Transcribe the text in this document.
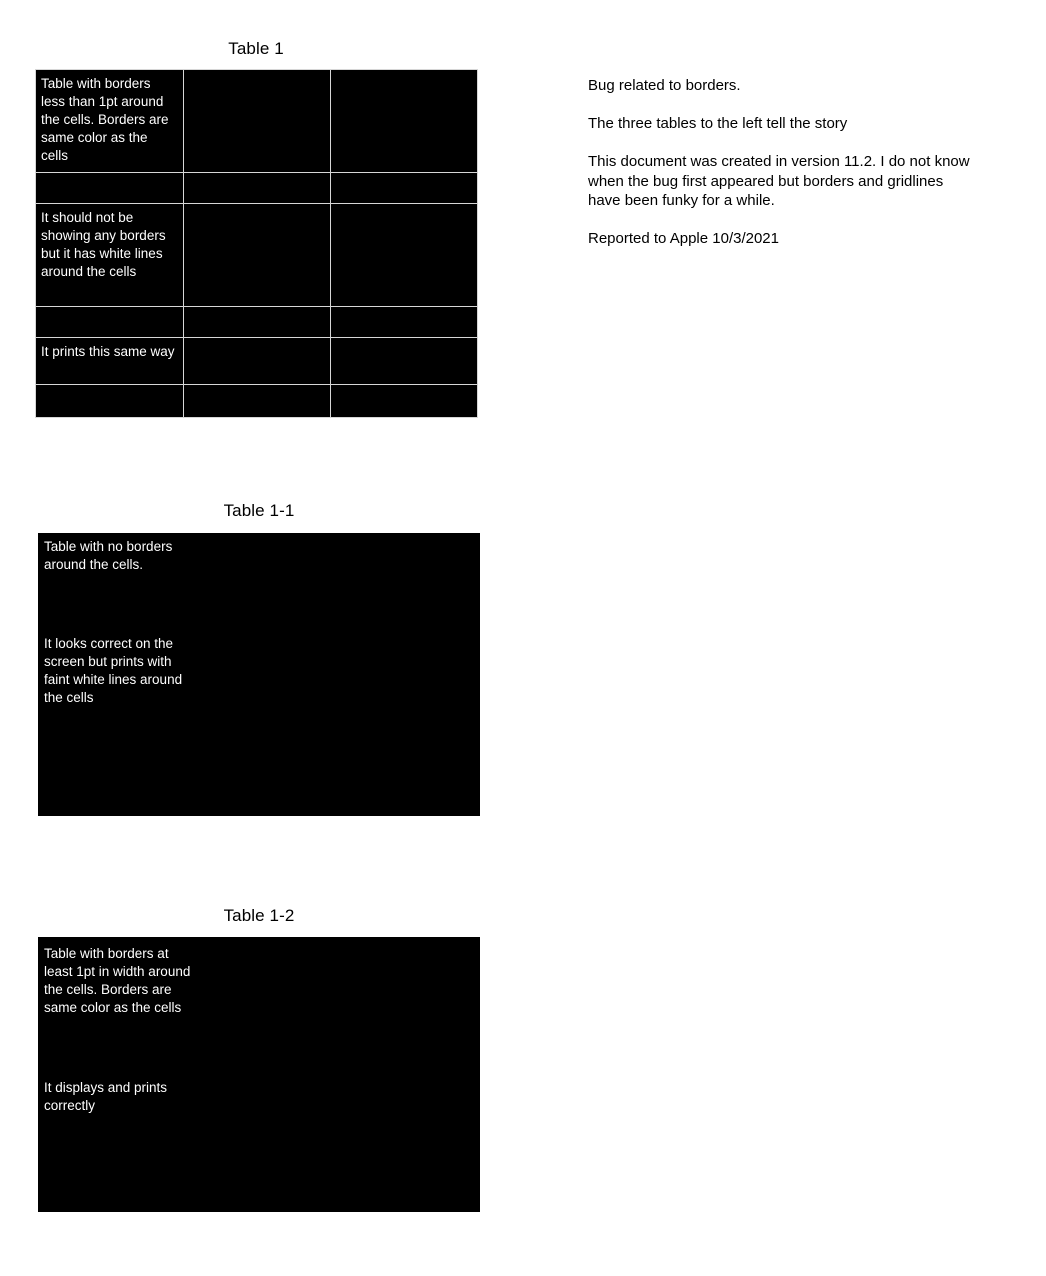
Table 1
Table with borders less than 1pt around the cells. Borders are same color as the cells		

It should not be showing any borders but it has white lines around the cells		

It prints this same way		

Table 1-1
Table with no borders around the cells.
It looks correct on the screen but prints with faint white lines around the cells
Table 1-2
Table with borders at least 1pt in width around the cells. Borders are same color as the cells
It displays and prints correctly

Bug related to borders.

The three tables to the left tell the story

This document was created in version 11.2. I do not know when the bug first appeared but borders and gridlines have been funky for a while.

Reported to Apple 10/3/2021
